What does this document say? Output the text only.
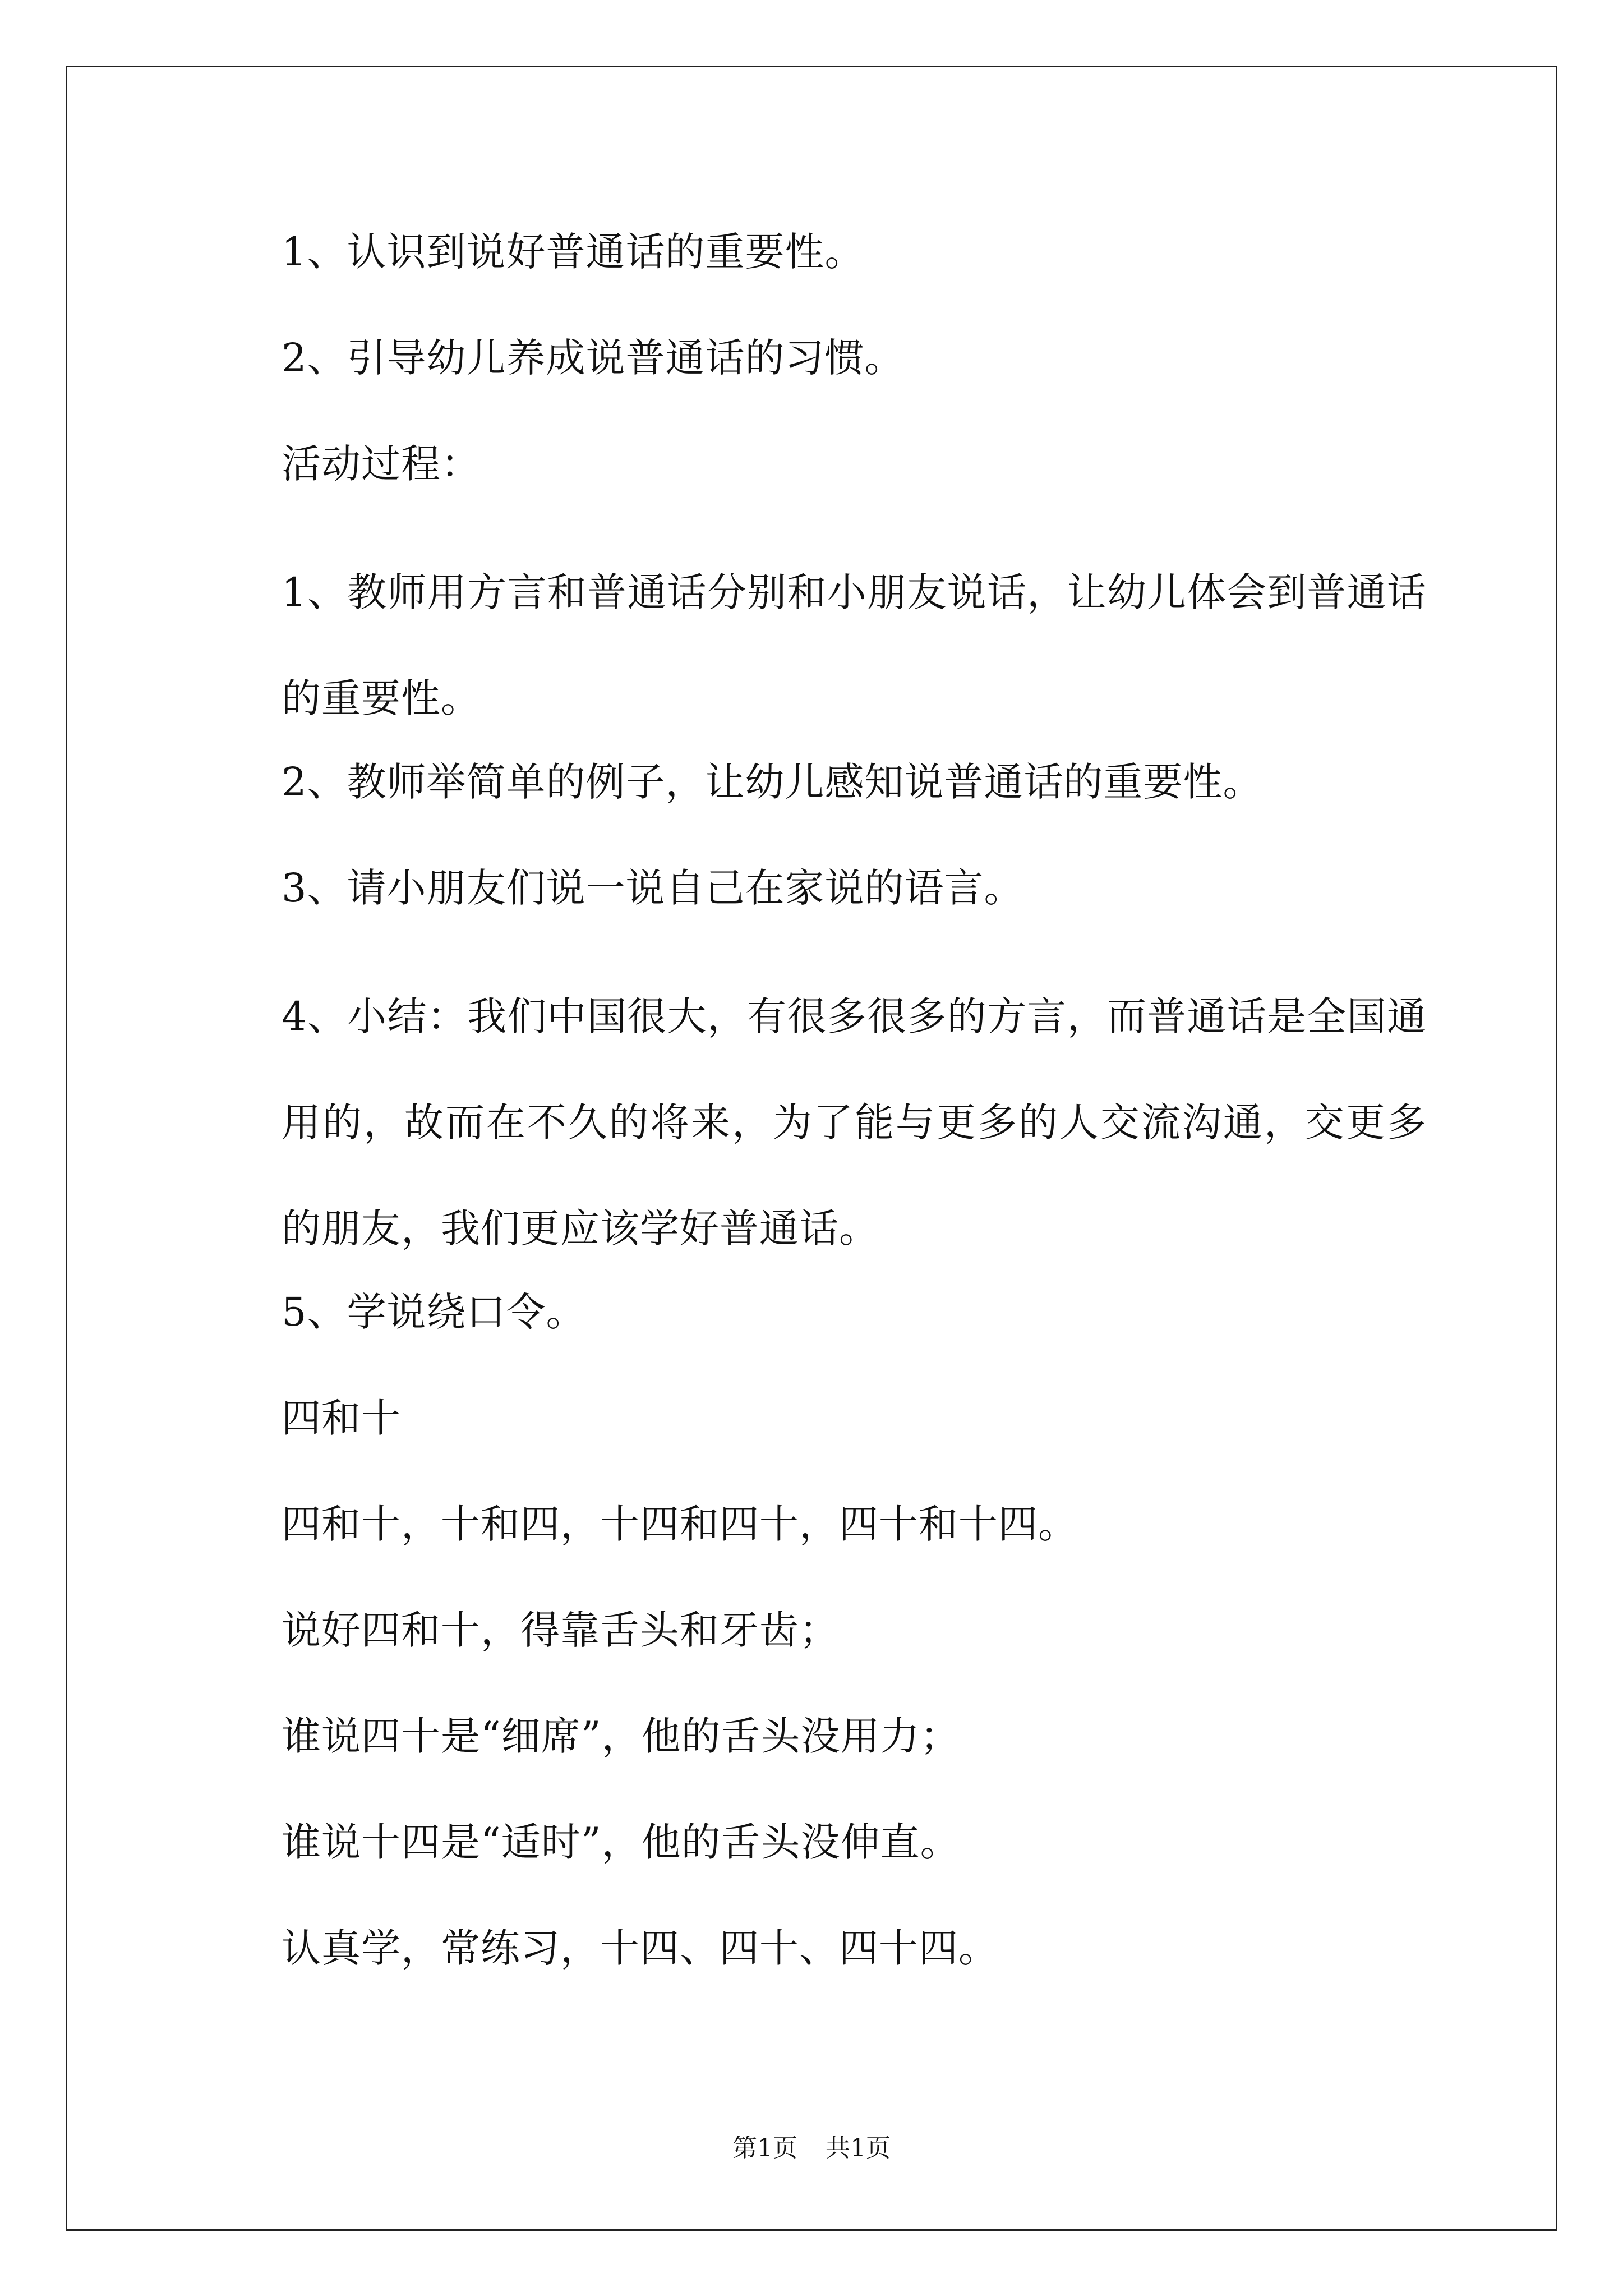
1、认识到说好普通话的重要性。
2、引导幼儿养成说普通话的习惯。
活动过程：
1、教师用方言和普通话分别和小朋友说话，让幼儿体会到普通话的重要性。
2、教师举简单的例子，让幼儿感知说普通话的重要性。
3、请小朋友们说一说自己在家说的语言。
4、小结：我们中国很大，有很多很多的方言，而普通话是全国通用的，故而在不久的将来，为了能与更多的人交流沟通，交更多的朋友，我们更应该学好普通话。
5、学说绕口令。
四和十
四和十，十和四，十四和四十，四十和十四。
说好四和十，得靠舌头和牙齿；
谁说四十是“细席”，他的舌头没用力；
谁说十四是“适时”，他的舌头没伸直。
认真学，常练习，十四、四十、四十四。
第1页 共1页
